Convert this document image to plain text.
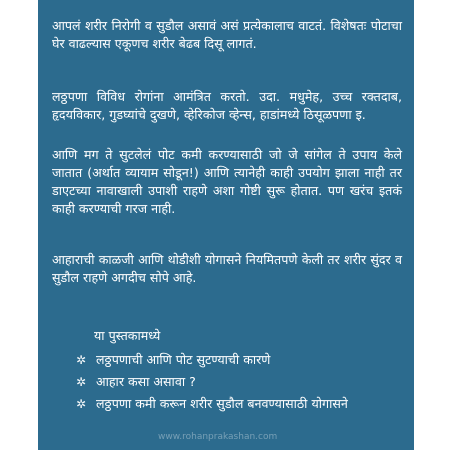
आपलं शरीर निरोगी व सुडौल असावं असं प्रत्येकालाच वाटतं. विशेषतः पोटाचा घेर वाढल्यास एकूणच शरीर बेढब दिसू लागतं.

लठ्ठपणा विविध रोगांना आमंत्रित करतो. उदा. मधुमेह, उच्च रक्तदाब, हृदयविकार, गुडघ्यांचे दुखणे, व्हेरिकोज व्हेन्स, हाडांमध्ये ठिसूळपणा इ.

आणि मग ते सुटलेलं पोट कमी करण्यासाठी जो जे सांगेल ते उपाय केले जातात (अर्थात व्यायाम सोडून!) आणि त्यानेही काही उपयोग झाला नाही तर डाएटच्या नावाखाली उपाशी राहणे अशा गोष्टी सुरू होतात. पण खरंच इतकं काही करण्याची गरज नाही.

आहाराची काळजी आणि थोडीशी योगासने नियमितपणे केली तर शरीर सुंदर व सुडौल राहणे अगदीच सोपे आहे.

या पुस्तकामध्ये

✲ लठ्ठपणाची आणि पोट सुटण्याची कारणे
✲ आहार कसा असावा ?
✲ लठ्ठपणा कमी करून शरीर सुडौल बनवण्यासाठी योगासने
www.rohanprakashan.com
